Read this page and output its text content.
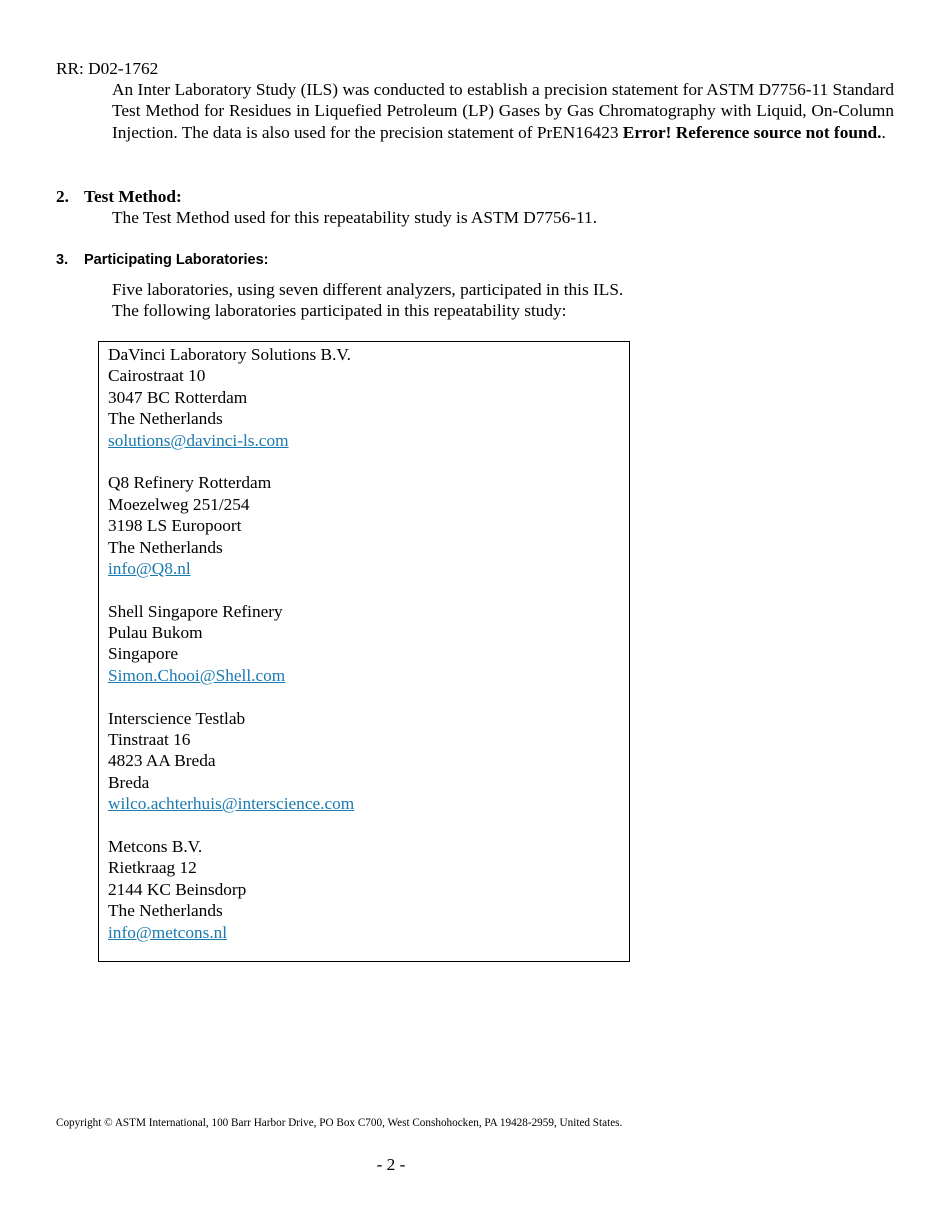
RR: D02-1762

An Inter Laboratory Study (ILS) was conducted to establish a precision statement for ASTM D7756-11 Standard Test Method for Residues in Liquefied Petroleum (LP) Gases by Gas Chromatography with Liquid, On-Column Injection. The data is also used for the precision statement of PrEN16423 Error! Reference source not found..

2. Test Method:
The Test Method used for this repeatability study is ASTM D7756-11.
3. Participating Laboratories:
Five laboratories, using seven different analyzers, participated in this ILS.
The following laboratories participated in this repeatability study:
DaVinci Laboratory Solutions B.V.
Cairostraat 10
3047 BC Rotterdam
The Netherlands
solutions@davinci-ls.com
Q8 Refinery Rotterdam
Moezelweg 251/254
3198 LS Europoort
The Netherlands
info@Q8.nl
Shell Singapore Refinery
Pulau Bukom
Singapore
Simon.Chooi@Shell.com
Interscience Testlab
Tinstraat 16
4823 AA Breda
Breda
wilco.achterhuis@interscience.com
Metcons B.V.
Rietkraag 12
2144 KC Beinsdorp
The Netherlands
info@metcons.nl
Copyright © ASTM International, 100 Barr Harbor Drive, PO Box C700, West Conshohocken, PA 19428-2959, United States.
- 2 -
